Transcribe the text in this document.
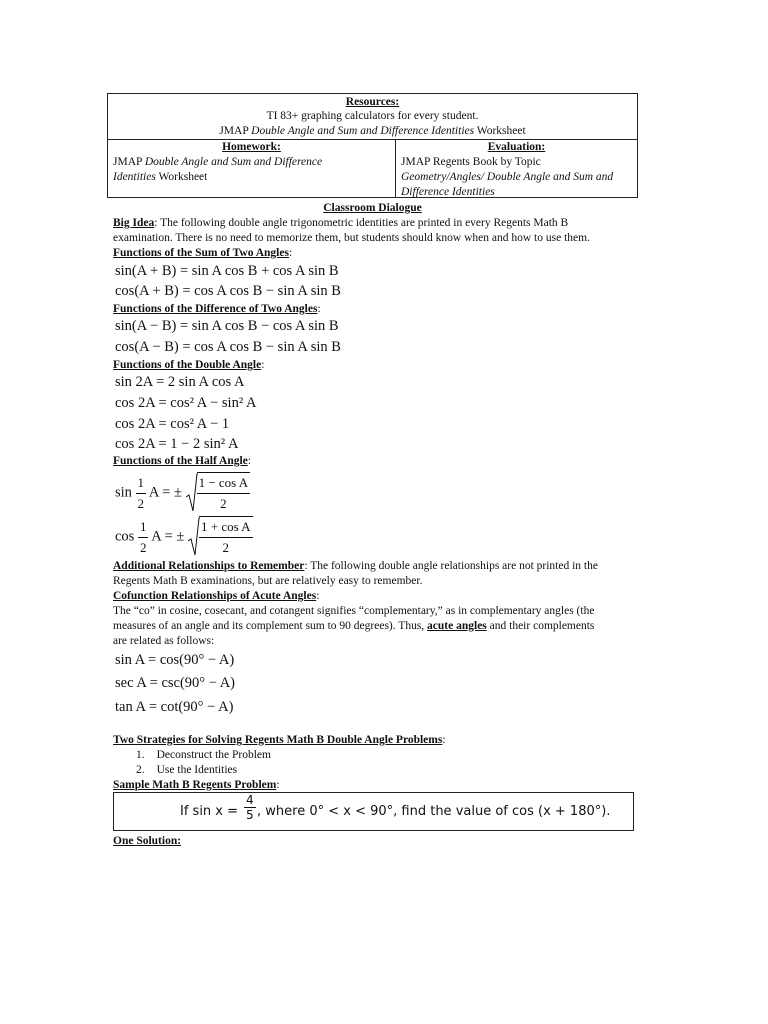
Resources:
TI 83+ graphing calculators for every student.
JMAP Double Angle and Sum and Difference Identities Worksheet
Homework:
JMAP Double Angle and Sum and Difference
Identities Worksheet
Evaluation:
JMAP Regents Book by Topic
Geometry/Angles/ Double Angle and Sum and
Difference Identities
Classroom Dialogue
Big Idea: The following double angle trigonometric identities are printed in every Regents Math B
examination. There is no need to memorize them, but students should know when and how to use them.
Functions of the Sum of Two Angles:
sin(A + B) = sin A cos B + cos A sin B
cos(A + B) = cos A cos B − sin A sin B
Functions of the Difference of Two Angles:
sin(A − B) = sin A cos B − cos A sin B
cos(A − B) = cos A cos B − sin A sin B
Functions of the Double Angle:
sin 2A = 2 sin A cos A
cos 2A = cos² A − sin² A
cos 2A = cos² A − 1
cos 2A = 1 − 2 sin² A
Functions of the Half Angle:
$\sin \frac{1}{2}$ A = ± $\frac{\text{1 − cos A}}{2}$
$\cos \frac{1}{2}$ A = ± $\frac{\text{1 + cos A}}{2}$
Additional Relationships to Remember: The following double angle relationships are not printed in the
Regents Math B examinations, but are relatively easy to remember.
Cofunction Relationships of Acute Angles:
The “co” in cosine, cosecant, and cotangent signifies “complementary,” as in complementary angles (the
measures of an angle and its complement sum to 90 degrees). Thus, acute angles and their complements
are related as follows:
sin A = cos(90° − A)
sec A = csc(90° − A)
tan A = cot(90° − A)
Two Strategies for Solving Regents Math B Double Angle Problems:
1. Deconstruct the Problem
2. Use the Identities
Sample Math B Regents Problem:
If $\sin x = \frac{4}{5}$ , where 0° < x < 90°, find the value of cos (x + 180°).
One Solution:
